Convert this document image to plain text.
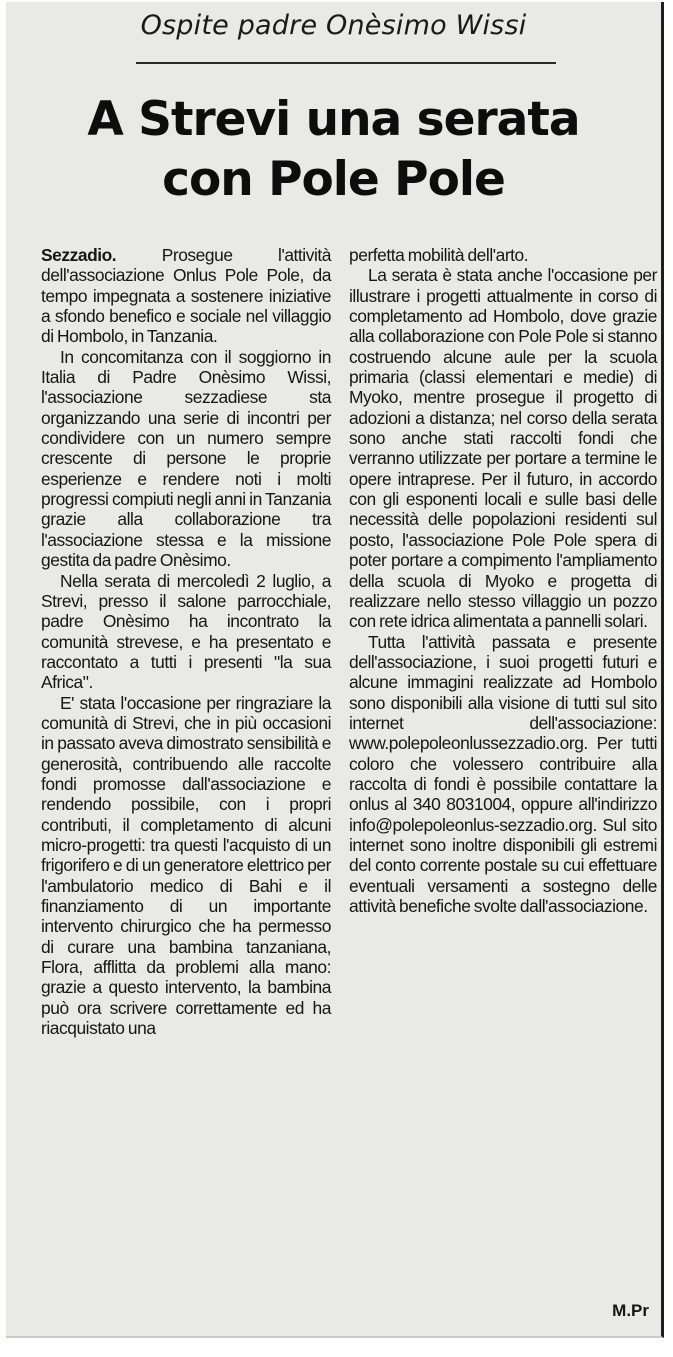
Ospite padre Onèsimo Wissi
A Strevi una serata
con Pole Pole

Sezzadio.	Prosegue l'attività dell'associazione Onlus Pole Pole, da tempo impegnata a sostenere iniziative a sfondo benefico e sociale nel villaggio di Hombolo, in Tanzania.

In concomitanza con il soggiorno in Italia di Padre Onèsimo Wissi, l'associazione sezzadiese sta organizzando una serie di incontri per condividere con un numero sempre crescente di persone le proprie esperienze e rendere noti i molti progressi compiuti negli anni in Tanzania grazie alla collaborazione tra l'associazione stessa e la missione gestita da padre Onèsimo.

Nella serata di mercoledì 2 luglio, a Strevi, presso il salone parrocchiale, padre Onèsimo ha incontrato la comunità strevese, e ha presentato e raccontato a tutti i presenti "la sua Africa".

E' stata l'occasione per ringraziare la comunità di Strevi, che in più occasioni in passato aveva dimostrato sensibilità e generosità, contribuendo alle raccolte fondi promosse dall'associazione e rendendo possibile, con i propri contributi, il completamento di alcuni micro-progetti: tra questi l'acquisto di un frigorifero e di un generatore elettrico per l'ambulatorio medico di Bahi e il finanziamento di un importante intervento chirurgico che ha permesso di curare una bambina tanzaniana, Flora, afflitta da problemi alla mano: grazie a questo intervento, la bambina può ora scrivere correttamente ed ha riacquistato una

perfetta mobilità dell'arto.

La serata è stata anche l'occasione per illustrare i progetti attualmente in corso di completamento ad Hombolo, dove grazie alla collaborazione con Pole Pole si stanno costruendo alcune aule per la scuola primaria (classi elementari e medie) di Myoko, mentre prosegue il progetto di adozioni a distanza; nel corso della serata sono anche stati raccolti fondi che verranno utilizzate per portare a termine le opere intraprese. Per il futuro, in accordo con gli esponenti locali e sulle basi delle necessità delle popolazioni residenti sul posto, l'associazione Pole Pole spera di poter portare a compimento l'ampliamento della scuola di Myoko e progetta di realizzare nello stesso villaggio un pozzo con rete idrica alimentata a pannelli solari.

Tutta l'attività passata e presente dell'associazione, i suoi progetti futuri e alcune immagini realizzate ad Hombolo sono disponibili alla visione di tutti sul sito internet dell'associazione: www.polepoleonlussezzadio.org. Per tutti coloro che volessero contribuire alla raccolta di fondi è possibile contattare la onlus al 340 8031004, oppure all'indirizzo info@polepoleonlus-sezzadio.org. Sul sito internet sono inoltre disponibili gli estremi del conto corrente postale su cui effettuare eventuali versamenti a sostegno delle attività benefiche svolte dall'associazione.

M.Pr
